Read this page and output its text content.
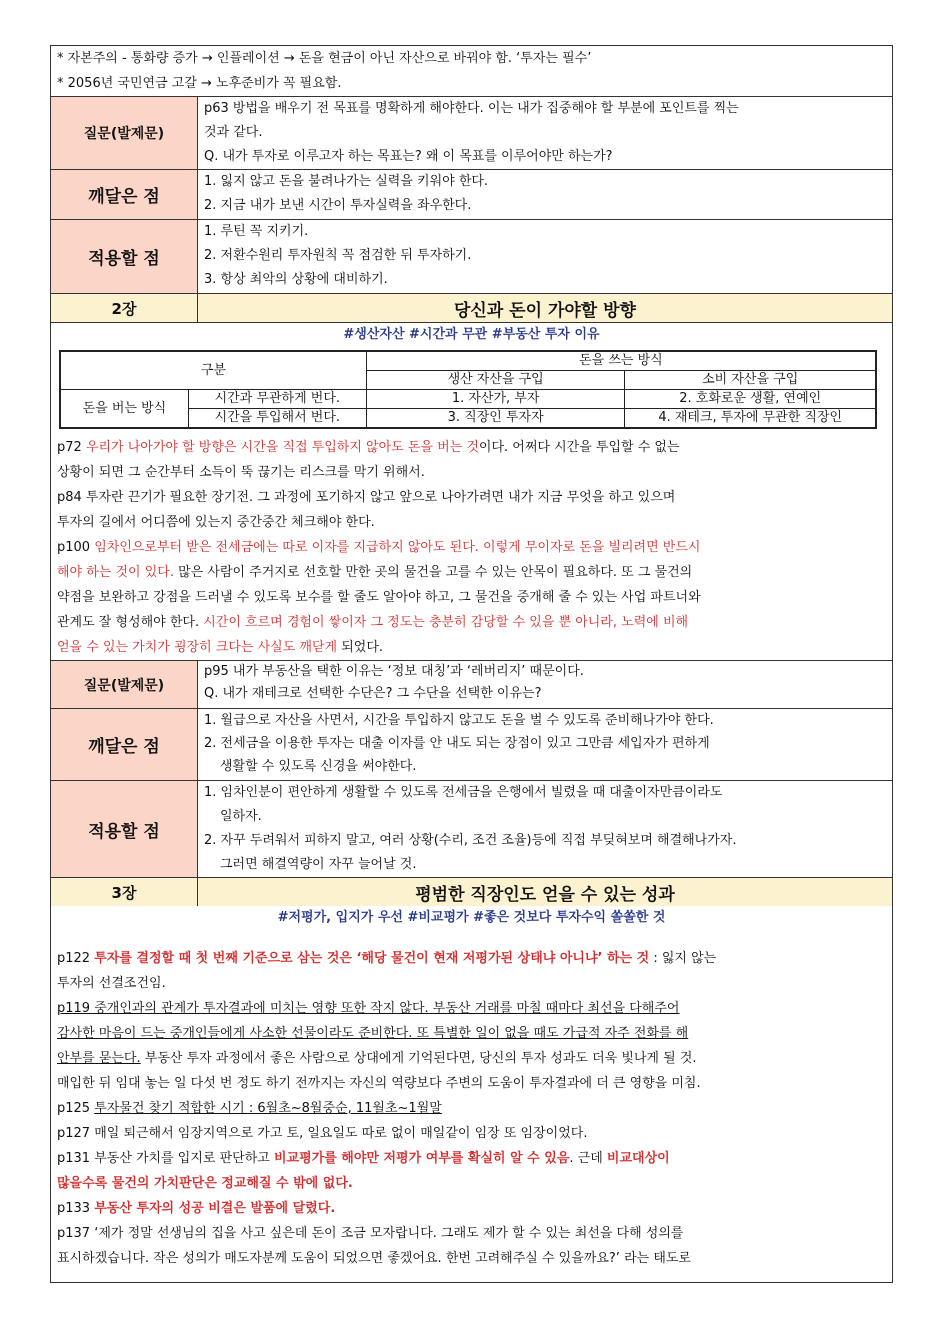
* 자본주의 - 통화량 증가 → 인플레이션 → 돈을 현금이 아닌 자산으로 바꿔야 함. ‘투자는 필수’
* 2056년 국민연금 고갈 → 노후준비가 꼭 필요함.
질문(발제문)
p63 방법을 배우기 전 목표를 명확하게 해야한다. 이는 내가 집중해야 할 부분에 포인트를 찍는
것과 같다.
Q. 내가 투자로 이루고자 하는 목표는? 왜 이 목표를 이루어야만 하는가?
깨달은 점
1. 잃지 않고 돈을 불려나가는 실력을 키워야 한다.
2. 지금 내가 보낸 시간이 투자실력을 좌우한다.
적용할 점
1. 루틴 꼭 지키기.
2. 저환수원리 투자원칙 꼭 점검한 뒤 투자하기.
3. 항상 최악의 상황에 대비하기.
2장	당신과 돈이 가야할 방향
#생산자산 #시간과 무관 #부동산 투자 이유
구분		돈을 쓰는 방식	
		생산 자산을 구입	소비 자산을 구입
돈을 버는 방식	시간과 무관하게 번다.	1. 자산가, 부자	2. 호화로운 생활, 연예인
	시간을 투입해서 번다.	3. 직장인 투자자	4. 재테크, 투자에 무관한 직장인
p72 우리가 나아가야 할 방향은 시간을 직접 투입하지 않아도 돈을 버는 것이다. 어쩌다 시간을 투입할 수 없는
상황이 되면 그 순간부터 소득이 뚝 끊기는 리스크를 막기 위해서.
p84 투자란 끈기가 필요한 장기전. 그 과정에 포기하지 않고 앞으로 나아가려면 내가 지금 무엇을 하고 있으며
투자의 길에서 어디쯤에 있는지 중간중간 체크해야 한다.
p100 임차인으로부터 받은 전세금에는 따로 이자를 지급하지 않아도 된다. 이렇게 무이자로 돈을 빌리려면 반드시
해야 하는 것이 있다. 많은 사람이 주거지로 선호할 만한 곳의 물건을 고를 수 있는 안목이 필요하다. 또 그 물건의
약점을 보완하고 강점을 드러낼 수 있도록 보수를 할 줄도 알아야 하고, 그 물건을 중개해 줄 수 있는 사업 파트너와
관계도 잘 형성해야 한다. 시간이 흐르며 경험이 쌓이자 그 정도는 충분히 감당할 수 있을 뿐 아니라, 노력에 비해
얻을 수 있는 가치가 굉장히 크다는 사실도 깨닫게 되었다.
질문(발제문)
p95 내가 부동산을 택한 이유는 ‘정보 대칭’과 ‘레버리지’ 때문이다.
Q. 내가 재테크로 선택한 수단은? 그 수단을 선택한 이유는?
깨달은 점
1. 월급으로 자산을 사면서, 시간을 투입하지 않고도 돈을 벌 수 있도록 준비해나가야 한다.
2. 전세금을 이용한 투자는 대출 이자를 안 내도 되는 장점이 있고 그만큼 세입자가 편하게
생활할 수 있도록 신경을 써야한다.
적용할 점
1. 임차인분이 편안하게 생활할 수 있도록 전세금을 은행에서 빌렸을 때 대출이자만큼이라도
일하자.
2. 자꾸 두려워서 피하지 말고, 여러 상황(수리, 조건 조율)등에 직접 부딪혀보며 해결해나가자.
그러면 해결역량이 자꾸 늘어날 것.
3장	평범한 직장인도 얻을 수 있는 성과
#저평가, 입지가 우선 #비교평가 #좋은 것보다 투자수익 쏠쏠한 것
p122 투자를 결정할 때 첫 번째 기준으로 삼는 것은 ‘해당 물건이 현재 저평가된 상태냐 아니냐’ 하는 것 : 잃지 않는
투자의 선결조건임.
p119 중개인과의 관계가 투자결과에 미치는 영향 또한 작지 않다. 부동산 거래를 마칠 때마다 최선을 다해주어
감사한 마음이 드는 중개인들에게 사소한 선물이라도 준비한다. 또 특별한 일이 없을 때도 가급적 자주 전화를 해
안부를 묻는다. 부동산 투자 과정에서 좋은 사람으로 상대에게 기억된다면, 당신의 투자 성과도 더욱 빛나게 될 것.
매입한 뒤 임대 놓는 일 다섯 번 정도 하기 전까지는 자신의 역량보다 주변의 도움이 투자결과에 더 큰 영향을 미침.
p125 투자물건 찾기 적합한 시기 : 6월초~8월중순, 11월초~1월말
p127 매일 퇴근해서 임장지역으로 가고 토, 일요일도 따로 없이 매일같이 임장 또 임장이었다.
p131 부동산 가치를 입지로 판단하고 비교평가를 해야만 저평가 여부를 확실히 알 수 있음. 근데 비교대상이
많을수록 물건의 가치판단은 정교해질 수 밖에 없다.
p133 부동산 투자의 성공 비결은 발품에 달렸다.
p137 ‘제가 정말 선생님의 집을 사고 싶은데 돈이 조금 모자랍니다. 그래도 제가 할 수 있는 최선을 다해 성의를
표시하겠습니다. 작은 성의가 매도자분께 도움이 되었으면 좋겠어요. 한번 고려해주실 수 있을까요?’ 라는 태도로
